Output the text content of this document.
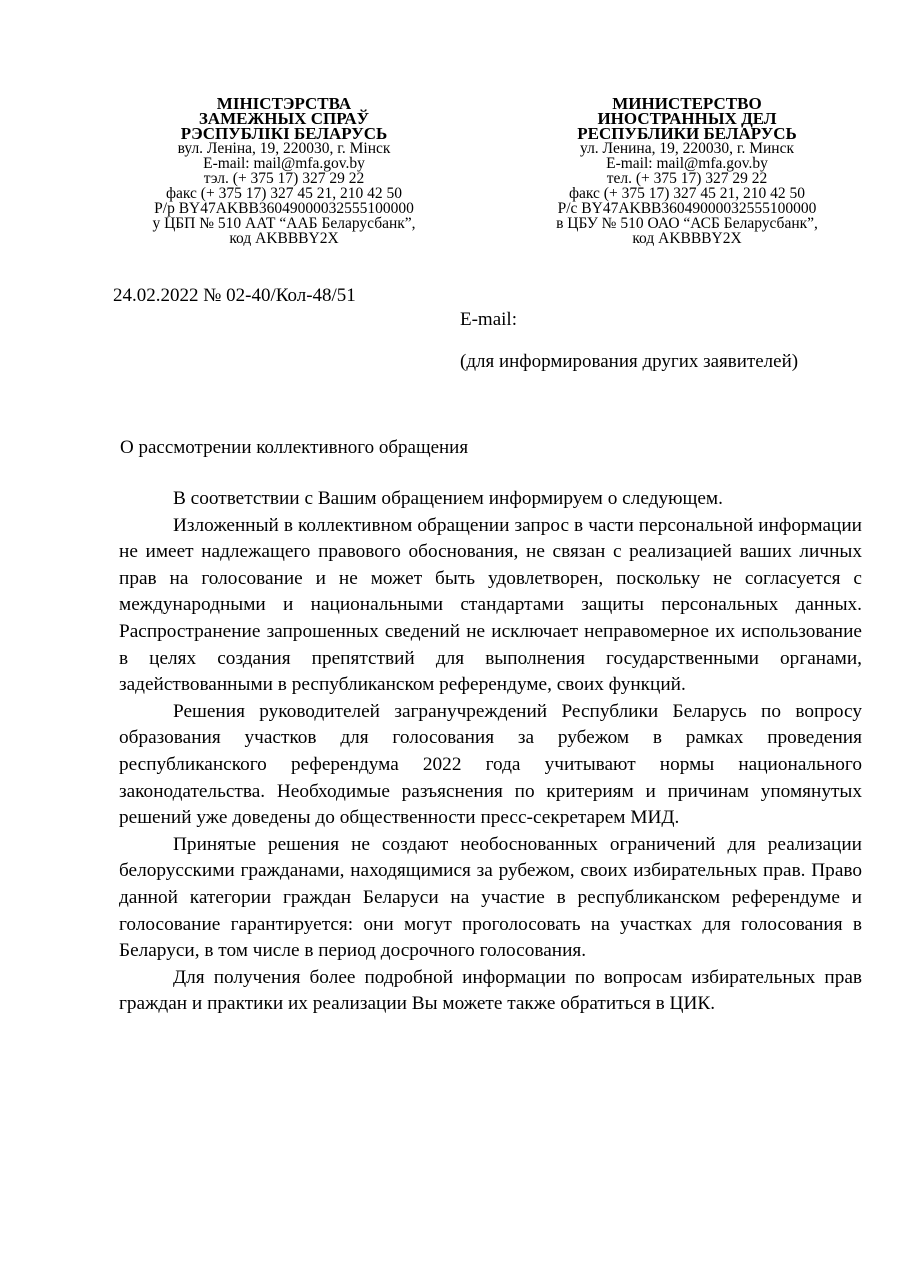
МІНІСТЭРСТВА
ЗАМЕЖНЫХ СПРАЎ
РЭСПУБЛІКІ БЕЛАРУСЬ
вул. Леніна, 19, 220030, г. Мінск
E-mail: mail@mfa.gov.by
тэл. (+ 375 17) 327 29 22
факс (+ 375 17) 327 45 21, 210 42 50
Р/р BY47AKBB36049000032555100000
у ЦБП № 510 ААТ “ААБ Беларусбанк”,
код AKBBBY2X
МИНИСТЕРСТВО
ИНОСТРАННЫХ ДЕЛ
РЕСПУБЛИКИ БЕЛАРУСЬ
ул. Ленина, 19, 220030, г. Минск
E-mail: mail@mfa.gov.by
тел. (+ 375 17) 327 29 22
факс (+ 375 17) 327 45 21, 210 42 50
Р/с BY47AKBB36049000032555100000
в ЦБУ № 510 ОАО “АСБ Беларусбанк”,
код AKBBBY2X
24.02.2022 № 02-40/Кол-48/51
E-mail:
(для информирования других заявителей)
О рассмотрении коллективного обращения

В соответствии с Вашим обращением информируем о следующем.

Изложенный в коллективном обращении запрос в части персональной информации не имеет надлежащего правового обоснования, не связан с реализацией ваших личных прав на голосование и не может быть удовлетворен, поскольку не согласуется с международными и национальными стандартами защиты персональных данных. Распространение запрошенных сведений не исключает неправомерное их использование в целях создания препятствий для выполнения государственными органами, задействованными в республиканском референдуме, своих функций.

Решения руководителей загранучреждений Республики Беларусь по вопросу образования участков для голосования за рубежом в рамках проведения республиканского референдума 2022 года учитывают нормы национального законодательства. Необходимые разъяснения по критериям и причинам упомянутых решений уже доведены до общественности пресс-секретарем МИД.

Принятые решения не создают необоснованных ограничений для реализации белорусскими гражданами, находящимися за рубежом, своих избирательных прав. Право данной категории граждан Беларуси на участие в республиканском референдуме и голосование гарантируется: они могут проголосовать на участках для голосования в Беларуси, в том числе в период досрочного голосования.

Для получения более подробной информации по вопросам избирательных прав граждан и практики их реализации Вы можете также обратиться в ЦИК.
